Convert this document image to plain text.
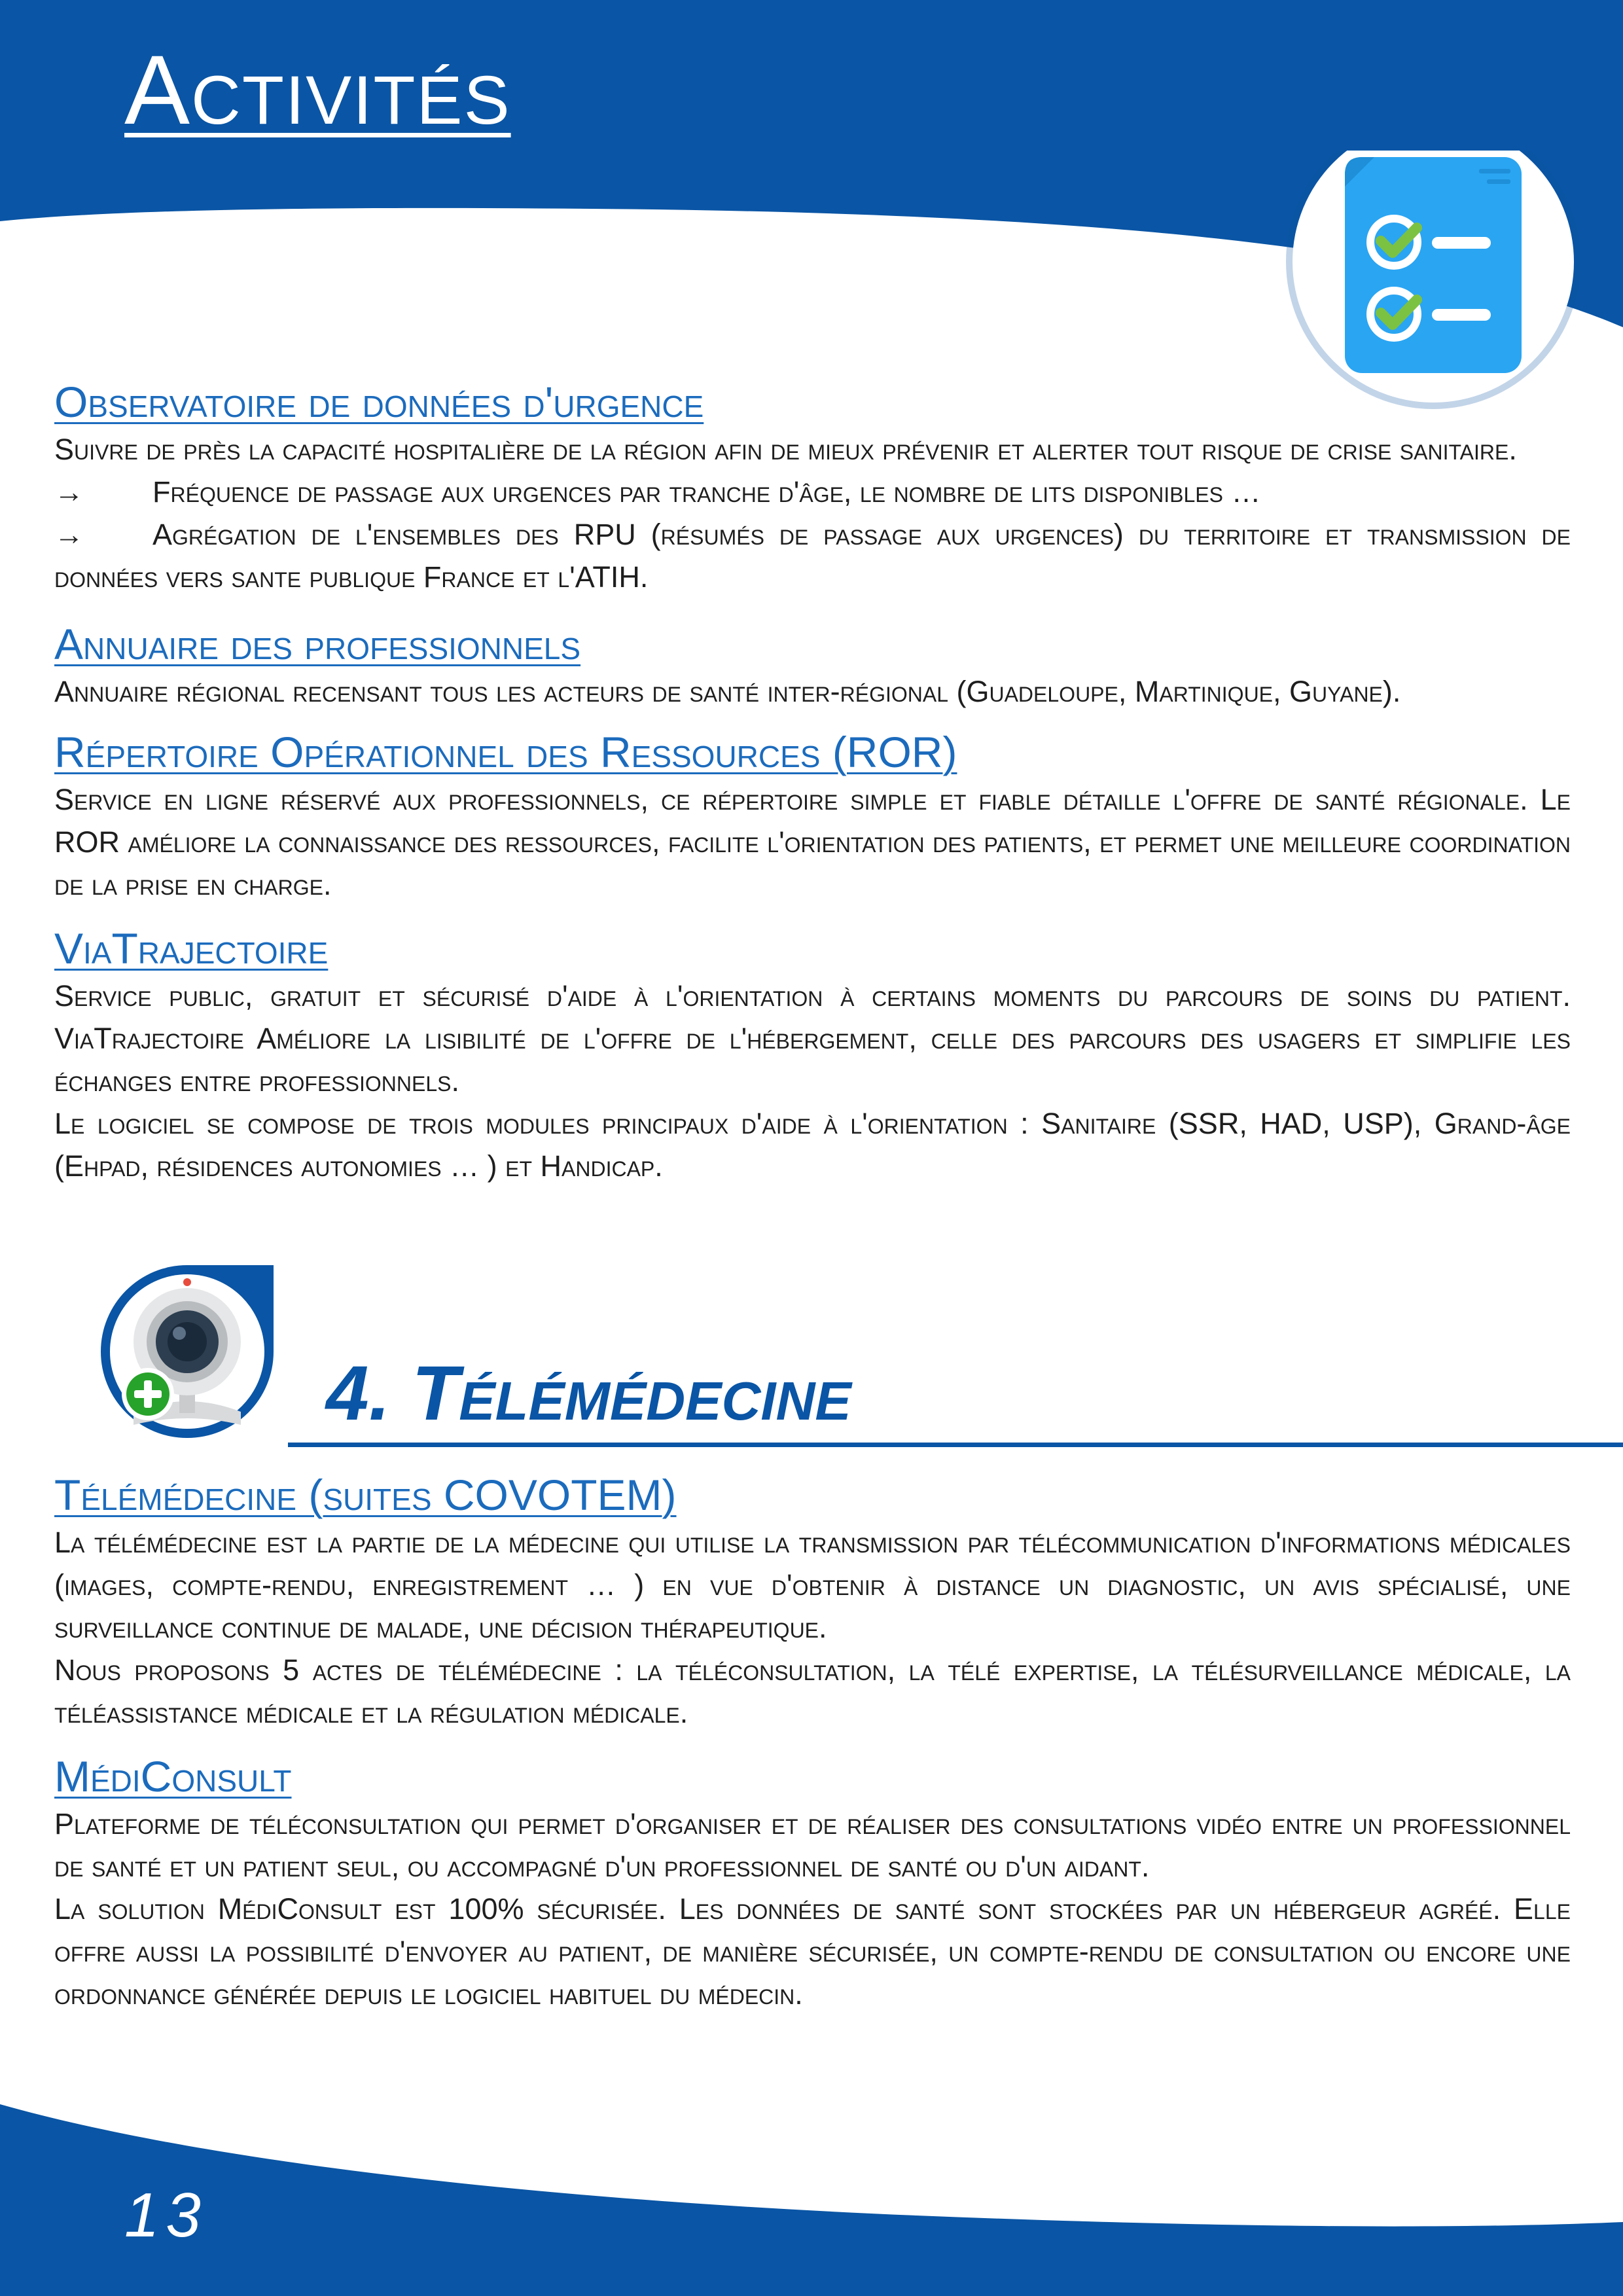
Activités
Observatoire de données d'urgence

Suivre de près la capacité hospitalière de la région afin de mieux prévenir et alerter tout risque de crise sanitaire.

→	Fréquence de passage aux urgences par tranche d'âge, le nombre de lits disponibles …

→ Agrégation de l'ensembles des RPU (résumés de passage aux urgences) du territoire et transmission de données vers sante publique France et l'ATIH.

Annuaire des professionnels

Annuaire régional recensant tous les acteurs de santé inter-régional (Guadeloupe, Martinique, Guyane).

Répertoire Opérationnel des Ressources (ROR)

Service en ligne réservé aux professionnels, ce répertoire simple et fiable détaille l'offre de santé régionale. Le ROR améliore la connaissance des ressources, facilite l'orientation des patients, et permet une meilleure coordination de la prise en charge.

ViaTrajectoire

Service public, gratuit et sécurisé d'aide à l'orientation à certains moments du parcours de soins du patient. ViaTrajectoire Améliore la lisibilité de l'offre de l'hébergement, celle des parcours des usagers et simplifie les échanges entre professionnels.

Le logiciel se compose de trois modules principaux d'aide à l'orientation : Sanitaire (SSR, HAD, USP), Grand-âge (Ehpad, résidences autonomies … ) et Handicap.

4. Télémédecine
Télémédecine (suites COVOTEM)

La télémédecine est la partie de la médecine qui utilise la transmission par télécommunication d'informations médicales (images, compte-rendu, enregistrement … ) en vue d'obtenir à distance un diagnostic, un avis spécialisé, une surveillance continue de malade, une décision thérapeutique.

Nous proposons 5 actes de télémédecine : la téléconsultation, la télé expertise, la télésurveillance médicale, la téléassistance médicale et la régulation médicale.

MédiConsult

Plateforme de téléconsultation qui permet d'organiser et de réaliser des consultations vidéo entre un professionnel de santé et un patient seul, ou accompagné d'un professionnel de santé ou d'un aidant.

La solution MédiConsult est 100% sécurisée. Les données de santé sont stockées par un hébergeur agréé. Elle offre aussi la possibilité d'envoyer au patient, de manière sécurisée, un compte-rendu de consultation ou encore une ordonnance générée depuis le logiciel habituel du médecin.

13
